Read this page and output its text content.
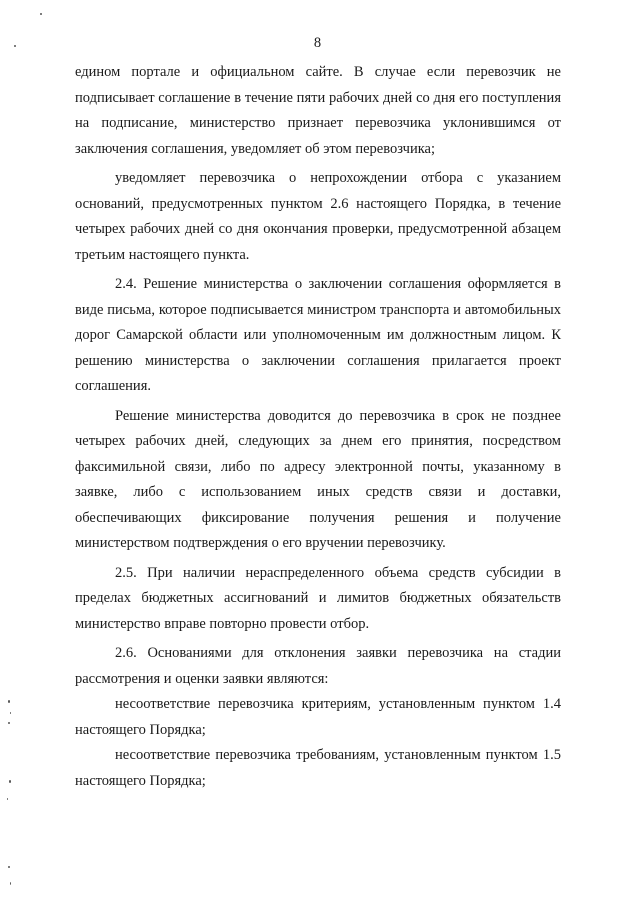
8

едином портале и официальном сайте. В случае если перевозчик не подписывает соглашение в течение пяти рабочих дней со дня его поступления на подписание, министерство признает перевозчика уклонившимся от заключения соглашения, уведомляет об этом перевозчика;

уведомляет перевозчика о непрохождении отбора с указанием оснований, предусмотренных пунктом 2.6 настоящего Порядка, в течение четырех рабочих дней со дня окончания проверки, предусмотренной абзацем третьим настоящего пункта.

2.4. Решение министерства о заключении соглашения оформляется в виде письма, которое подписывается министром транспорта и автомобильных дорог Самарской области или уполномоченным им должностным лицом. К решению министерства о заключении соглашения прилагается проект соглашения.

Решение министерства доводится до перевозчика в срок не позднее четырех рабочих дней, следующих за днем его принятия, посредством факсимильной связи, либо по адресу электронной почты, указанному в заявке, либо с использованием иных средств связи и доставки, обеспечивающих фиксирование получения решения и получение министерством подтверждения о его вручении перевозчику.

2.5. При наличии нераспределенного объема средств субсидии в пределах бюджетных ассигнований и лимитов бюджетных обязательств министерство вправе повторно провести отбор.

2.6. Основаниями для отклонения заявки перевозчика на стадии рассмотрения и оценки заявки являются:

несоответствие перевозчика критериям, установленным пунктом 1.4 настоящего Порядка;

несоответствие перевозчика требованиям, установленным пунктом 1.5 настоящего Порядка;
